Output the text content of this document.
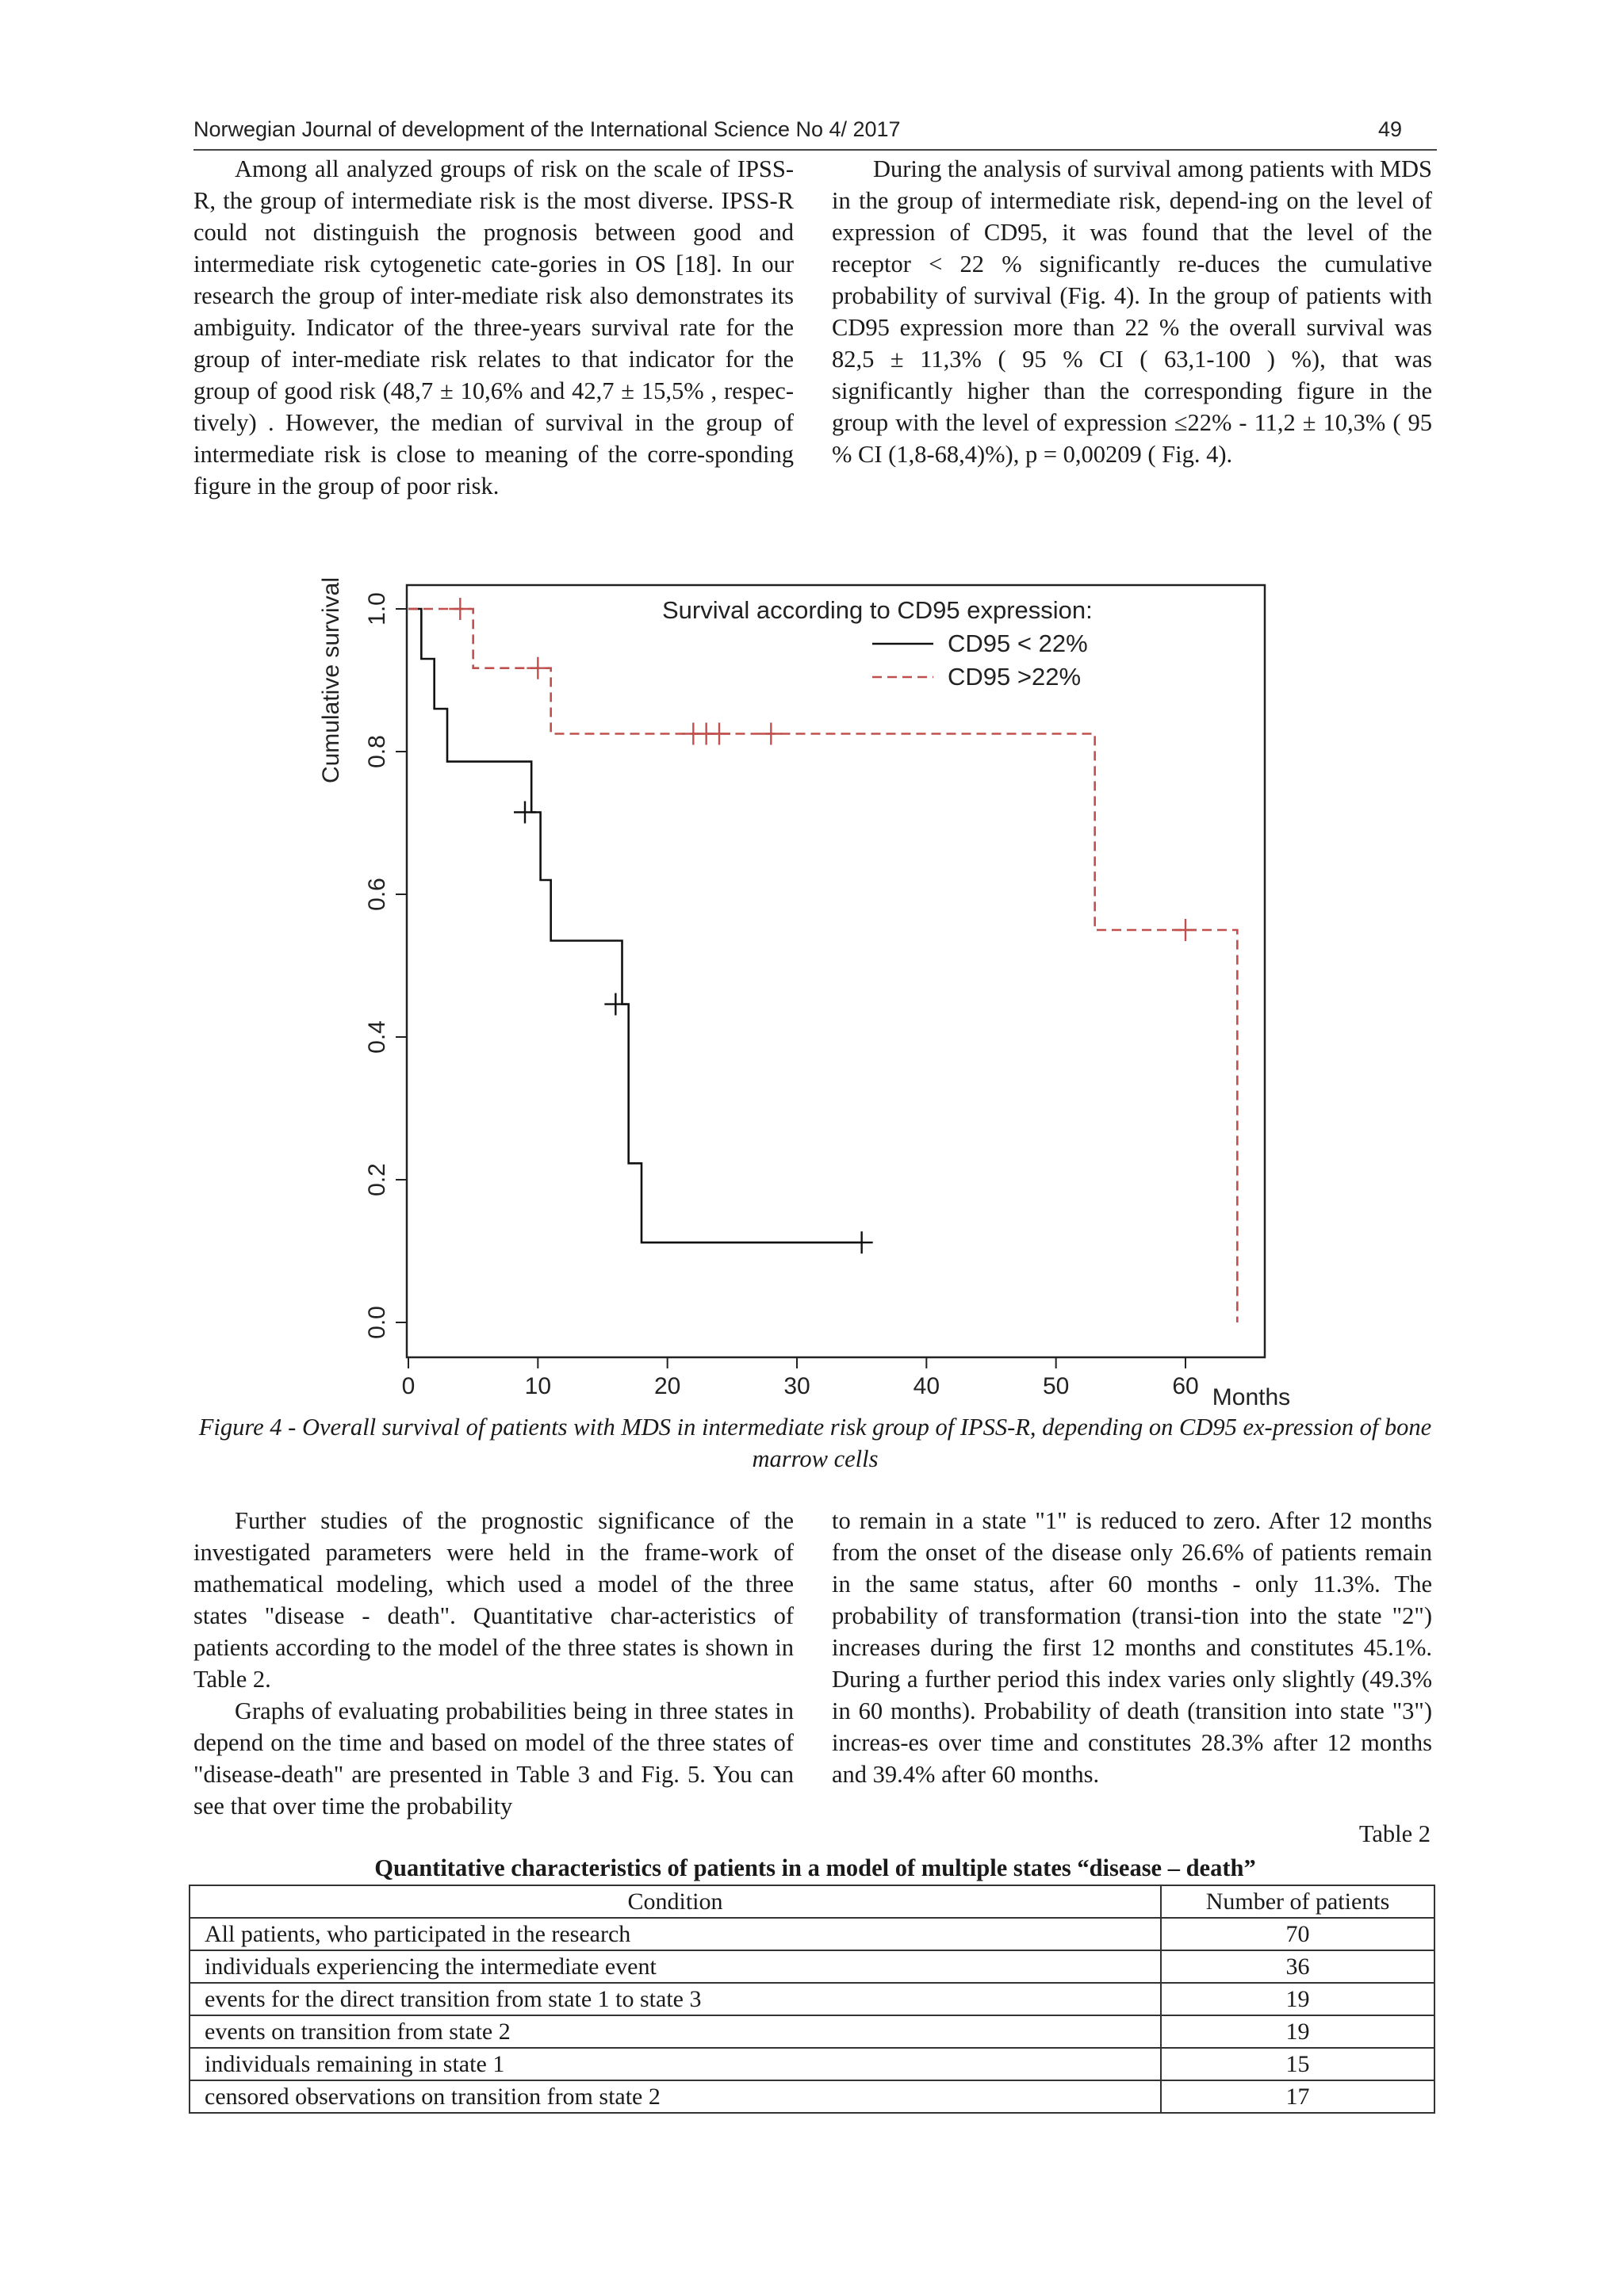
Norwegian Journal of development of the International Science No 4/ 2017	49

Among all analyzed groups of risk on the scale of IPSS-R, the group of intermediate risk is the most diverse. IPSS-R could not distinguish the prognosis between good and intermediate risk cytogenetic cate-gories in OS [18]. In our research the group of inter-mediate risk also demonstrates its ambiguity. Indicator of the three-years survival rate for the group of inter-mediate risk relates to that indicator for the group of good risk (48,7 ± 10,6% and 42,7 ± 15,5% , respec-tively) . However, the median of survival in the group of intermediate risk is close to meaning of the corre-sponding figure in the group of poor risk.

During the analysis of survival among patients with MDS in the group of intermediate risk, depend-ing on the level of expression of CD95, it was found that the level of the receptor < 22 % significantly re-duces the cumulative probability of survival (Fig. 4). In the group of patients with CD95 expression more than 22 % the overall survival was 82,5 ± 11,3% ( 95 % CI ( 63,1-100 ) %), that was significantly higher than the corresponding figure in the group with the level of expression ≤22% - 11,2 ± 10,3% ( 95 % CI (1,8-68,4)%), p = 0,00209 ( Fig. 4).

0	10	20	30	40	50	60 Months
0.0
0.2
0.4
0.6
0.8
1.0
Cumulative survival	Survival according to CD95 expression:
CD95 < 22%
CD95 >22%
Figure 4 - Overall survival of patients with MDS in intermediate risk group of IPSS-R, depending on CD95 ex-pression of bone marrow cells

Further studies of the prognostic significance of the investigated parameters were held in the frame-work of mathematical modeling, which used a model of the three states "disease - death". Quantitative char-acteristics of patients according to the model of the three states is shown in Table 2.

Graphs of evaluating probabilities being in three states in depend on the time and based on model of the three states of "disease-death" are presented in Table 3 and Fig. 5. You can see that over time the probability

to remain in a state "1" is reduced to zero. After 12 months from the onset of the disease only 26.6% of patients remain in the same status, after 60 months - only 11.3%. The probability of transformation (transi-tion into the state "2") increases during the first 12 months and constitutes 45.1%. During a further period this index varies only slightly (49.3% in 60 months). Probability of death (transition into state "3") increas-es over time and constitutes 28.3% after 12 months and 39.4% after 60 months.

Table 2
Quantitative characteristics of patients in a model of multiple states “disease – death”
Condition	Number of patients
All patients, who participated in the research	70
individuals experiencing the intermediate event	36
events for the direct transition from state 1 to state 3	19
events on transition from state 2	19
individuals remaining in state 1	15
censored observations on transition from state 2	17
